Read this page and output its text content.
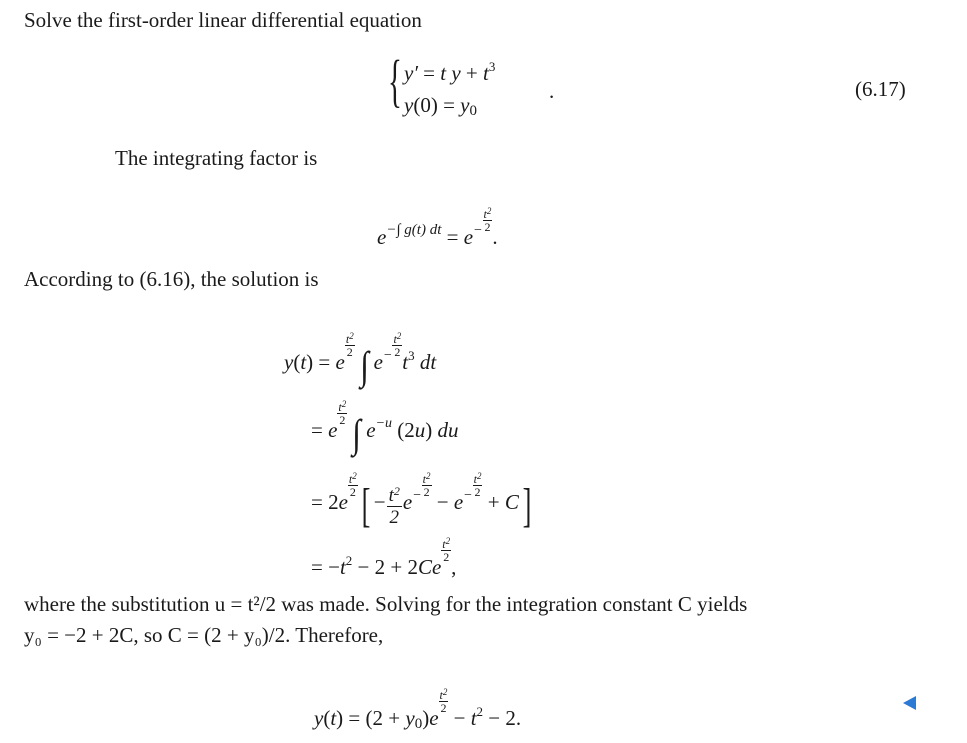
Solve the first-order linear differential equation
{ y′ = t $y + t^3$
$y(0) = y_0$
.	(6.17)
The integrating factor is
$e^{-\int g(t) dt} = e^- \frac{t^2}{2}$
.
According to (6.16), the solution is
y(t) = e
$\frac{t^2}{2}$ ∫ $e^- \frac{t^2}{2}$
$t^3$ dt
= e
$\frac{t^2}{2}$ ∫ $e^{-u}$ (2u) du
= 2e
$\frac{t^2}{2}$ [ − $\frac{t^2}{2} e^- \frac{t^2}{2}$
− $e^- \frac{t^2}{2}$
+ C]
= $-t^2 - 2 + 2Ce$
$\frac{t^2}{2}$
,
where the substitution u = t²/2 was made. Solving for the integration constant C yields
y₀ = −2 + 2C, so C = (2 + y₀)/2. Therefore,
$y(t) = (2 + y_0)e$
$\frac{t^2}{2}$
− $t^2 - 2$.
